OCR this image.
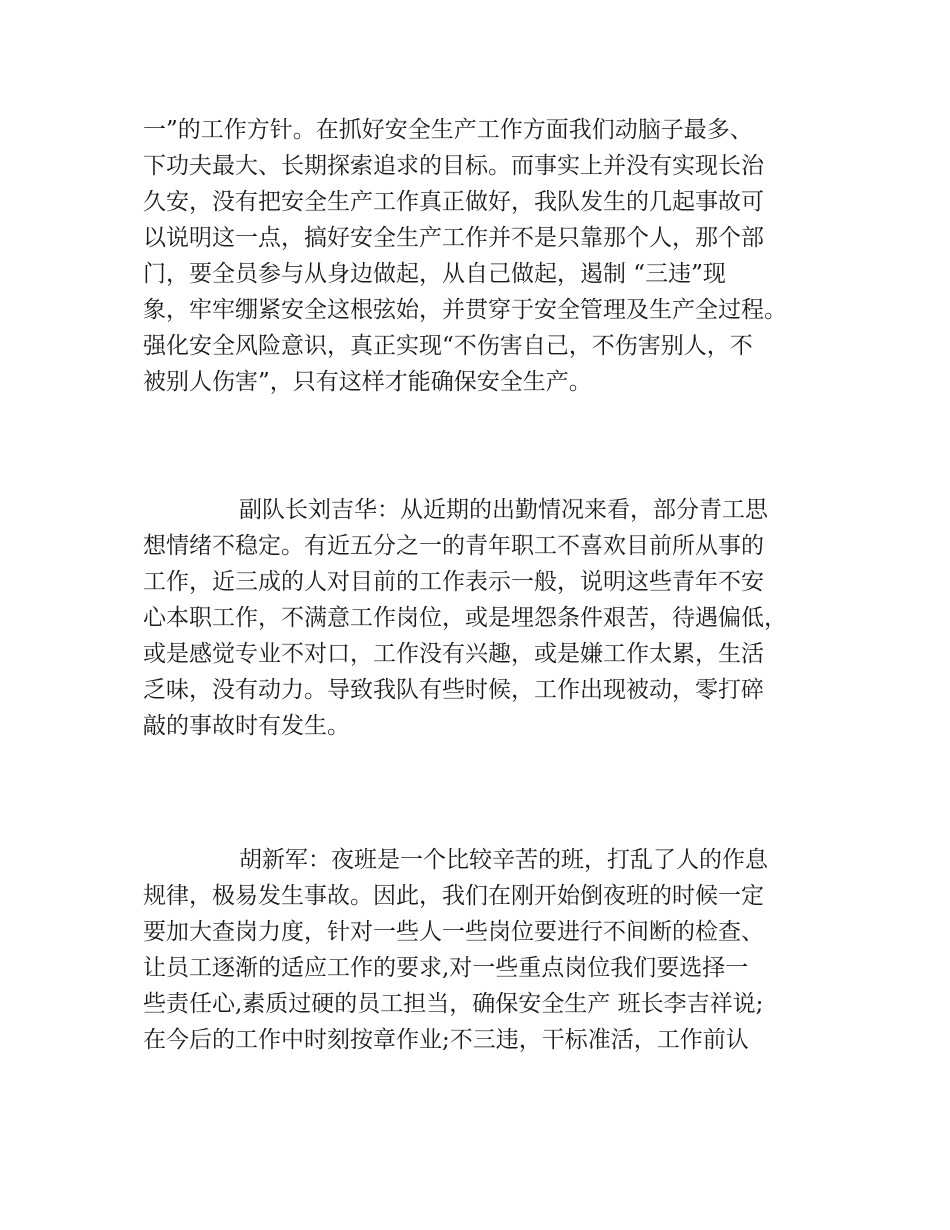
一”的工作方针。在抓好安全生产工作方面我们动脑子最多、
下功夫最大、长期探索追求的目标。而事实上并没有实现长治
久安，没有把安全生产工作真正做好，我队发生的几起事故可
以说明这一点，搞好安全生产工作并不是只靠那个人，那个部
门，要全员参与从身边做起，从自己做起，遏制 “三违”现
象，牢牢绷紧安全这根弦始，并贯穿于安全管理及生产全过程。
强化安全风险意识，真正实现“不伤害自己，不伤害别人，不
被别人伤害”，只有这样才能确保安全生产。
副队长刘吉华：从近期的出勤情况来看，部分青工思
想情绪不稳定。有近五分之一的青年职工不喜欢目前所从事的
工作，近三成的人对目前的工作表示一般，说明这些青年不安
心本职工作，不满意工作岗位，或是埋怨条件艰苦，待遇偏低，
或是感觉专业不对口，工作没有兴趣，或是嫌工作太累，生活
乏味，没有动力。导致我队有些时候，工作出现被动，零打碎
敲的事故时有发生。
胡新军：夜班是一个比较辛苦的班，打乱了人的作息
规律，极易发生事故。因此，我们在刚开始倒夜班的时候一定
要加大查岗力度，针对一些人一些岗位要进行不间断的检查、
让员工逐渐的适应工作的要求,对一些重点岗位我们要选择一
些责任心,素质过硬的员工担当，确保安全生产 班长李吉祥说;
在今后的工作中时刻按章作业;不三违，干标准活，工作前认
